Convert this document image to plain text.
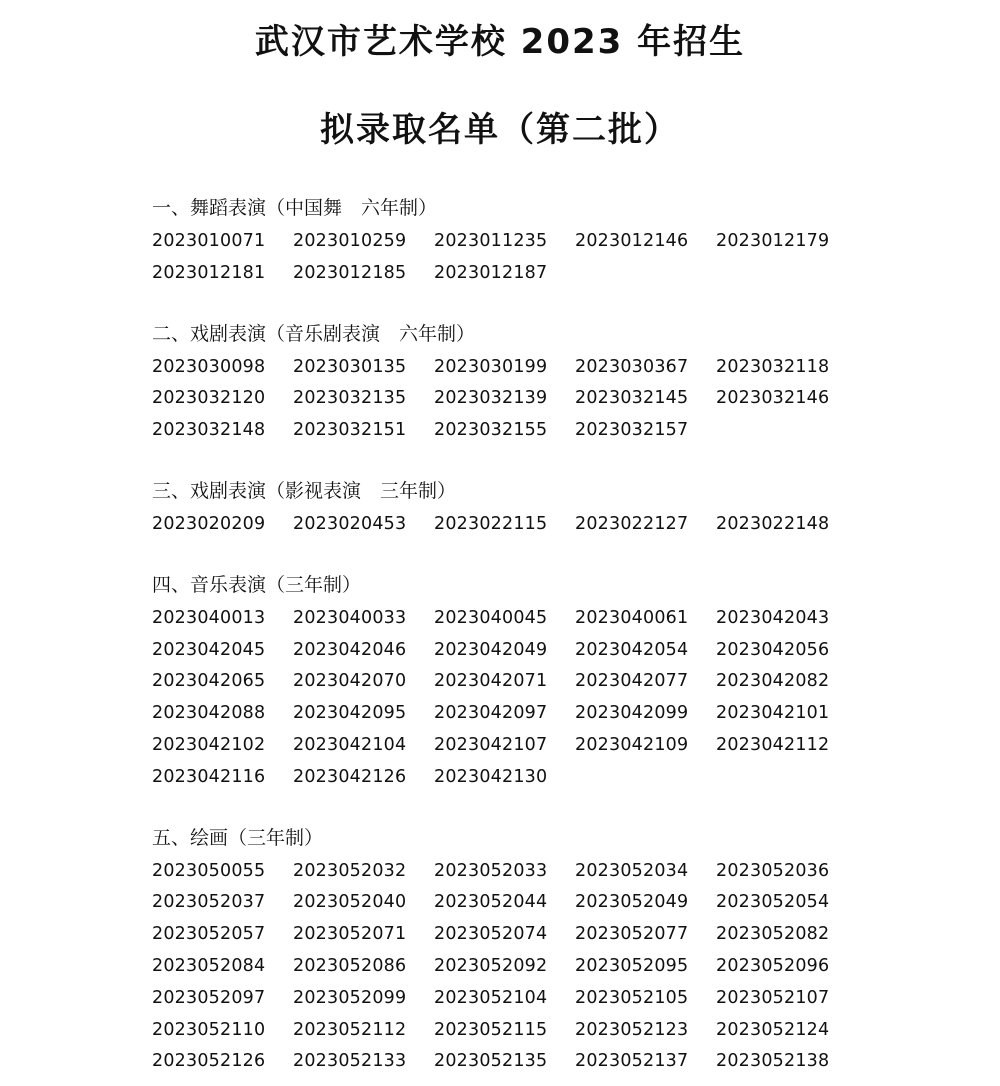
武汉市艺术学校 2023 年招生
拟录取名单（第二批）
一、舞蹈表演（中国舞　六年制）
2023010071	2023010259	2023011235	2023012146	2023012179
2023012181	2023012185	2023012187
二、戏剧表演（音乐剧表演　六年制）
2023030098	2023030135	2023030199	2023030367	2023032118
2023032120	2023032135	2023032139	2023032145	2023032146
2023032148	2023032151	2023032155	2023032157
三、戏剧表演（影视表演　三年制）
2023020209	2023020453	2023022115	2023022127	2023022148
四、音乐表演（三年制）
2023040013	2023040033	2023040045	2023040061	2023042043
2023042045	2023042046	2023042049	2023042054	2023042056
2023042065	2023042070	2023042071	2023042077	2023042082
2023042088	2023042095	2023042097	2023042099	2023042101
2023042102	2023042104	2023042107	2023042109	2023042112
2023042116	2023042126	2023042130
五、绘画（三年制）
2023050055	2023052032	2023052033	2023052034	2023052036
2023052037	2023052040	2023052044	2023052049	2023052054
2023052057	2023052071	2023052074	2023052077	2023052082
2023052084	2023052086	2023052092	2023052095	2023052096
2023052097	2023052099	2023052104	2023052105	2023052107
2023052110	2023052112	2023052115	2023052123	2023052124
2023052126	2023052133	2023052135	2023052137	2023052138
